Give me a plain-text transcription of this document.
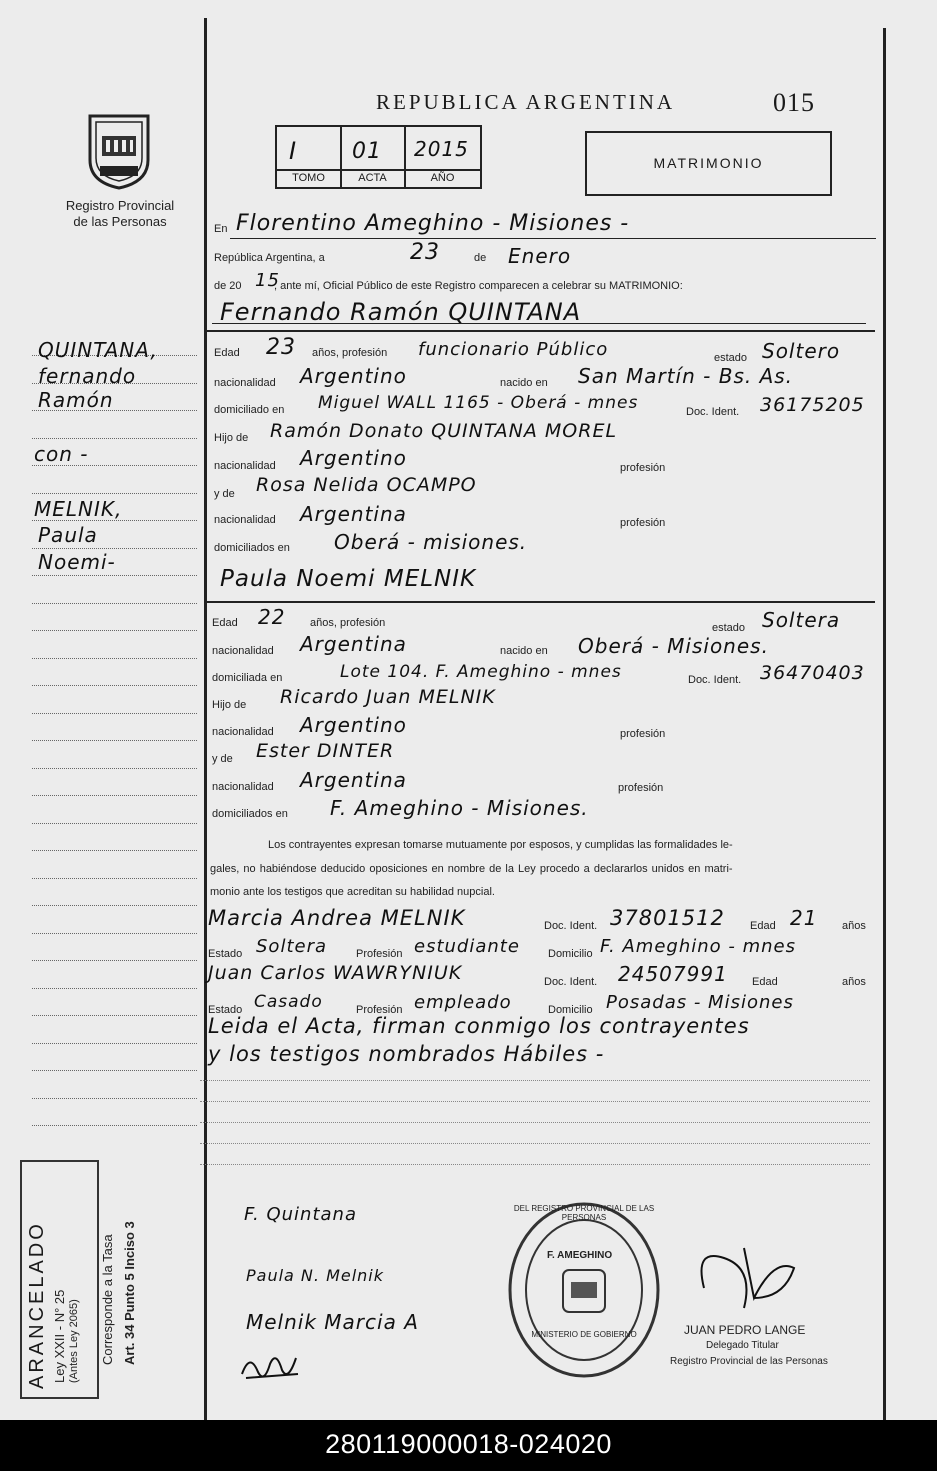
Registro Provincial
de las Personas
REPUBLICA ARGENTINA	015
I 01 2015
TOMO	ACTA	AÑO
MATRIMONIO
QUINTANA,
fernando
Ramón
con -
MELNIK,
Paula
Noemi-
En Florentino Ameghino - Misiones -
República Argentina, a	23	de Enero
de 20 15
, ante mí, Oficial Público de este Registro comparecen a celebrar su MATRIMONIO:
Fernando Ramón QUINTANA
Edad 23 años, profesión funcionario Público	estado Soltero
nacionalidad Argentino	nacido en San Martín - Bs. As.
domiciliado en Miguel WALL 1165 - Oberá - mnes	Doc. Ident. 36175205
Hijo de Ramón Donato QUINTANA MOREL
nacionalidad Argentino	profesión
y de Rosa Nelida OCAMPO
nacionalidad Argentina	profesión
domiciliados en Oberá - misiones.
Paula Noemi MELNIK
Edad 22 años, profesión	estado Soltera
nacionalidad Argentina	nacido en Oberá - Misiones.
domiciliada en	Lote 104. F. Ameghino - mnes	Doc. Ident. 36470403
Hijo de Ricardo Juan MELNIK
nacionalidad Argentino	profesión
y de Ester DINTER
nacionalidad Argentina	profesión
domiciliados en F. Ameghino - Misiones.
Los contrayentes expresan tomarse mutuamente por esposos, y cumplidas las formalidades le-
gales, no habiéndose deducido oposiciones en nombre de la Ley procedo a declararlos unidos en matri-
monio ante los testigos que acreditan su habilidad nupcial.
Marcia Andrea MELNIK	Doc. Ident. 37801512 Edad 21 años
Estado Soltera	Profesión estudiante	Domicilio F. Ameghino - mnes
Juan Carlos WAWRYNIUK	Doc. Ident. 24507991 Edad	años
Estado Casado	Profesión empleado	Domicilio Posadas - Misiones
Leida el Acta, firman conmigo los contrayentes
y los testigos nombrados Hábiles -
F. Quintana
Paula N. Melnik
Melnik Marcia A
F. AMEGHINO
DEL REGISTRO PROVINCIAL DE LAS PERSONAS
MINISTERIO DE GOBIERNO	JUAN PEDRO LANGE
Delegado Titular
Registro Provincial de las Personas
ARANCELADO Ley XXII - N° 25 (Antes Ley 2065) Corresponde a la Tasa Art. 34 Punto 5 Inciso 3
280119000018-024020
